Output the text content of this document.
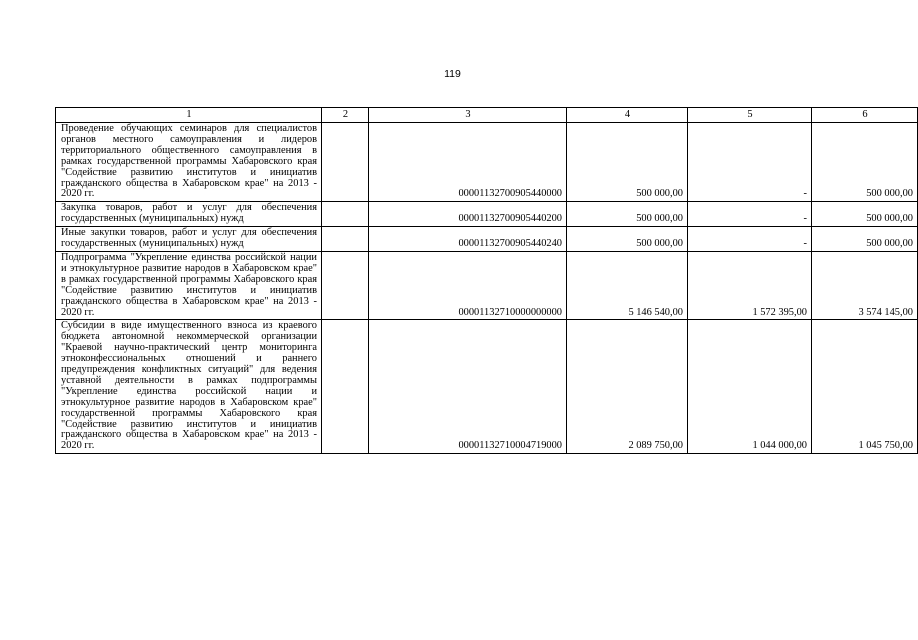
119
1	2	3	4	5	6
Проведение обучающих семинаров для специалистов органов местного самоуправления и лидеров территориального общественного самоуправления в рамках государственной программы Хабаровского края "Содействие развитию институтов и инициатив гражданского общества в Хабаровском крае" на 2013 - 2020 гг.		00001132700905440000	500 000,00	-	500 000,00
Закупка товаров, работ и услуг для обеспечения государственных (муниципальных) нужд		00001132700905440200	500 000,00	-	500 000,00
Иные закупки товаров, работ и услуг для обеспечения государственных (муниципальных) нужд		00001132700905440240	500 000,00	-	500 000,00
Подпрограмма "Укрепление единства российской нации и этнокультурное развитие народов в Хабаровском крае" в рамках государственной программы Хабаровского края "Содействие развитию институтов и инициатив гражданского общества в Хабаровском крае" на 2013 - 2020 гг.		00001132710000000000	5 146 540,00	1 572 395,00	3 574 145,00
Субсидии в виде имущественного взноса из краевого бюджета автономной некоммерческой организации "Краевой научно-практический центр мониторинга этноконфессиональных отношений и раннего предупреждения конфликтных ситуаций" для ведения уставной деятельности в рамках подпрограммы "Укрепление единства российской нации и этнокультурное развитие народов в Хабаровском крае" государственной программы Хабаровского края "Содействие развитию институтов и инициатив гражданского общества в Хабаровском крае" на 2013 - 2020 гг.		00001132710004719000	2 089 750,00	1 044 000,00	1 045 750,00
